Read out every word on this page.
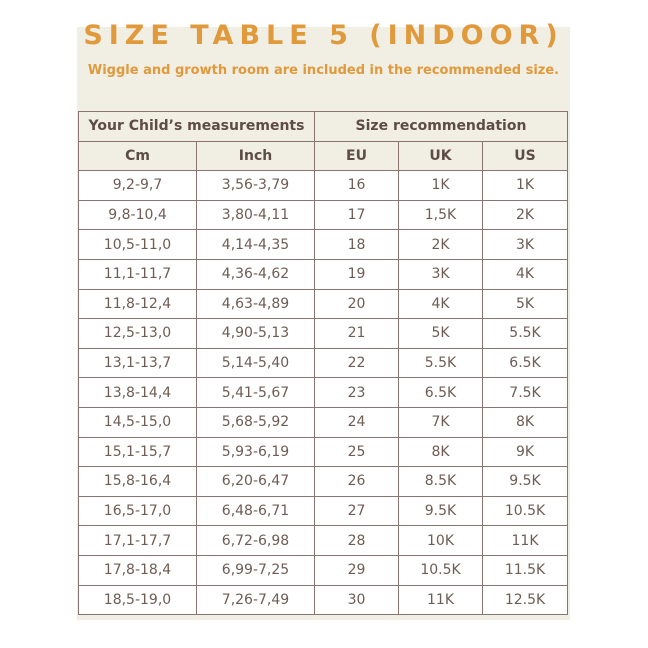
SIZE TABLE 5 (INDOOR)
Wiggle and growth room are included in the recommended size.
Your Child’s measurements		Size recommendation		
Cm	Inch	EU	UK	US
9,2-9,7	3,56-3,79	16	1K	1K
9,8-10,4	3,80-4,11	17	1,5K	2K
10,5-11,0	4,14-4,35	18	2K	3K
11,1-11,7	4,36-4,62	19	3K	4K
11,8-12,4	4,63-4,89	20	4K	5K
12,5-13,0	4,90-5,13	21	5K	5.5K
13,1-13,7	5,14-5,40	22	5.5K	6.5K
13,8-14,4	5,41-5,67	23	6.5K	7.5K
14,5-15,0	5,68-5,92	24	7K	8K
15,1-15,7	5,93-6,19	25	8K	9K
15,8-16,4	6,20-6,47	26	8.5K	9.5K
16,5-17,0	6,48-6,71	27	9.5K	10.5K
17,1-17,7	6,72-6,98	28	10K	11K
17,8-18,4	6,99-7,25	29	10.5K	11.5K
18,5-19,0	7,26-7,49	30	11K	12.5K
